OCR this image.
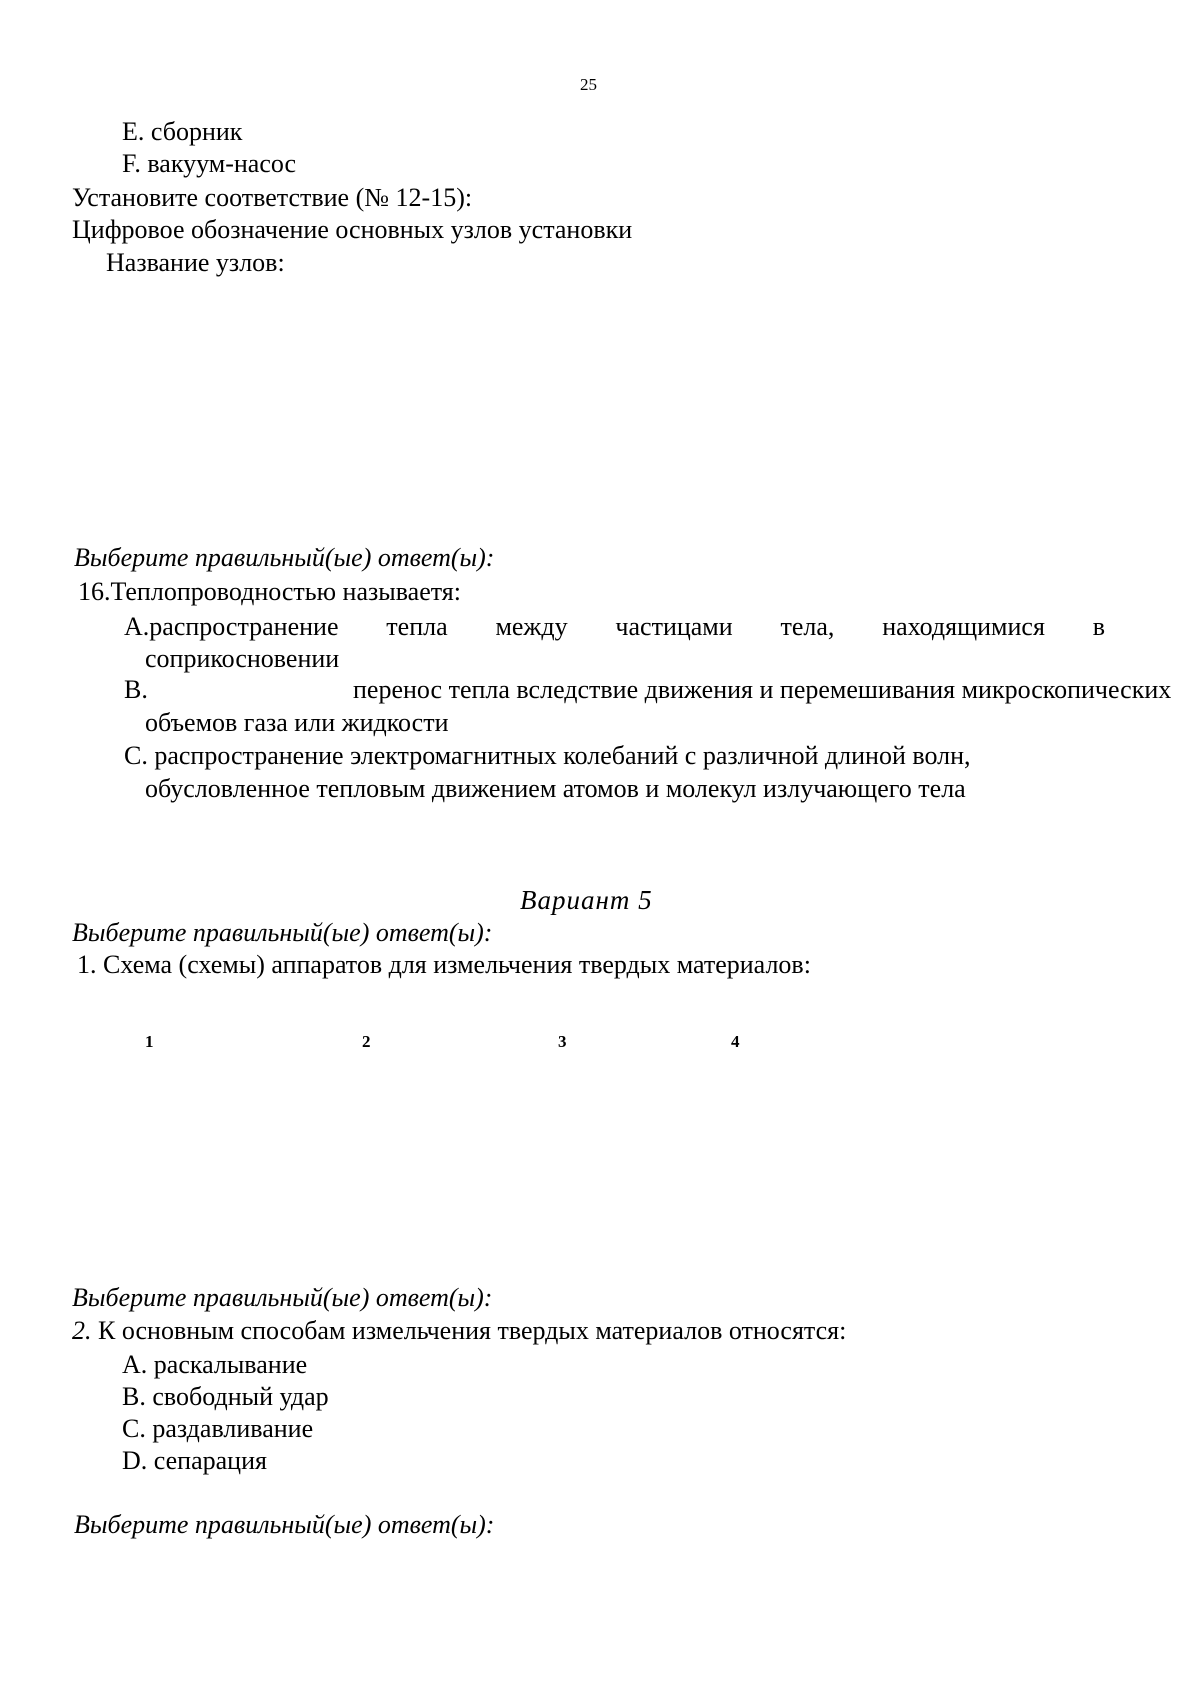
25
E. сборник
F. вакуум-насос
Установите соответствие (№ 12-15):
Цифровое обозначение основных узлов установки
Название узлов:
Выберите правильный(ые) ответ(ы):
16.Теплопроводностью называетя:
A.распространение тепла между частицами тела, находящимися в
соприкосновении
B.	перенос тепла вследствие движения и перемешивания микроскопических
объемов газа или жидкости
C. распространение электромагнитных колебаний с различной длиной волн,
обусловленное тепловым движением атомов и молекул излучающего тела
Вариант 5
Выберите правильный(ые) ответ(ы):
1. Схема (схемы) аппаратов для измельчения твердых материалов:
1	2	3	4
Выберите правильный(ые) ответ(ы):
2. К основным способам измельчения твердых материалов относятся:
A. раскалывание
B. свободный удар
C. раздавливание
D. сепарация
Выберите правильный(ые) ответ(ы):
